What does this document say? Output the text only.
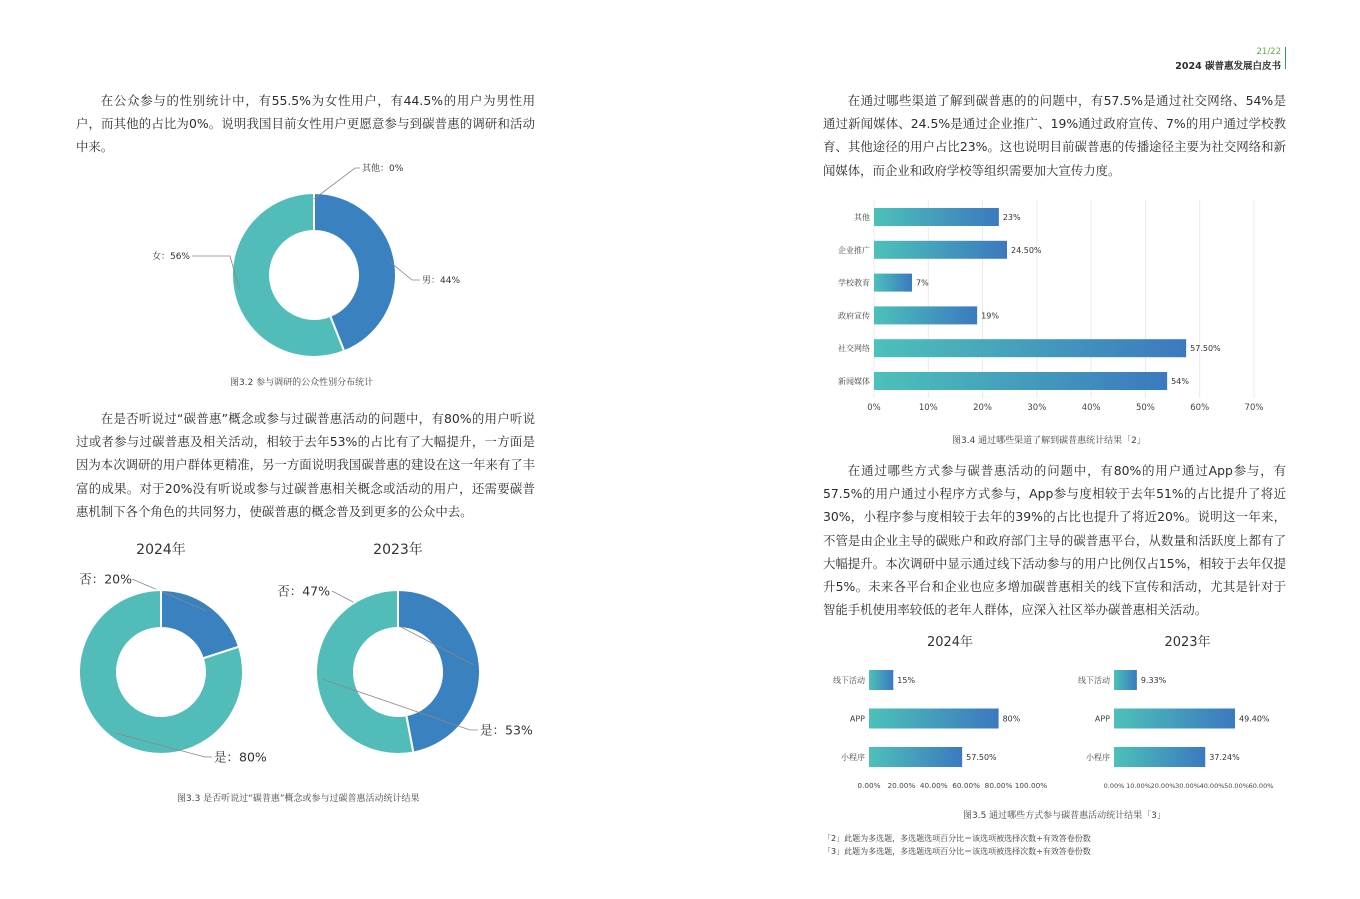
21/22
2024 碳普惠发展白皮书

在公众参与的性别统计中，有55.5%为女性用户，有44.5%的用户为男性用户，而其他的占比为0%。说明我国目前女性用户更愿意参与到碳普惠的调研和活动中来。

男：44%
女：56%
其他：0%
图3.2 参与调研的公众性别分布统计

在是否听说过“碳普惠”概念或参与过碳普惠活动的问题中，有80%的用户听说过或者参与过碳普惠及相关活动，相较于去年53%的占比有了大幅提升，一方面是因为本次调研的用户群体更精准，另一方面说明我国碳普惠的建设在这一年来有了丰富的成果。对于20%没有听说或参与过碳普惠相关概念或活动的用户，还需要碳普惠机制下各个角色的共同努力，使碳普惠的概念普及到更多的公众中去。

2024年
否：20%
是：80%
2023年
否：47%
是：53%
图3.3 是否听说过“碳普惠”概念或参与过碳普惠活动统计结果

在通过哪些渠道了解到碳普惠的的问题中，有57.5%是通过社交网络、54%是通过新闻媒体、24.5%是通过企业推广、19%通过政府宣传、7%的用户通过学校教育、其他途径的用户占比23%。这也说明目前碳普惠的传播途径主要为社交网络和新闻媒体，而企业和政府学校等组织需要加大宣传力度。

其他	23%
企业推广	24.50%
学校教育	7%
政府宣传	19%
社交网络	57.50%
新闻媒体	54%
0%	10%	20%	30%	40%	50%	60%	70%
图3.4 通过哪些渠道了解到碳普惠统计结果「2」

在通过哪些方式参与碳普惠活动的问题中，有80%的用户通过App参与，有57.5%的用户通过小程序方式参与，App参与度相较于去年51%的占比提升了将近30%，小程序参与度相较于去年的39%的占比也提升了将近20%。说明这一年来，不管是由企业主导的碳账户和政府部门主导的碳普惠平台，从数量和活跃度上都有了大幅提升。本次调研中显示通过线下活动参与的用户比例仅占15%，相较于去年仅提升5%。未来各平台和企业也应多增加碳普惠相关的线下宣传和活动，尤其是针对于智能手机使用率较低的老年人群体，应深入社区举办碳普惠相关活动。

2024年
线下活动	15%
APP	80%
小程序	57.50%
0.00% 20.00% 40.00% 60.00% 80.00% 100.00%
2023年
线下活动	9.33%
APP	49.40%
小程序	37.24%
0.00% 10.00% 20.00% 30.00% 40.00% 50.00% 60.00%
图3.5 通过哪些方式参与碳普惠活动统计结果「3」
「2」此题为多选题，多选题选项百分比＝该选项被选择次数÷有效答卷份数
「3」此题为多选题，多选题选项百分比＝该选项被选择次数÷有效答卷份数
